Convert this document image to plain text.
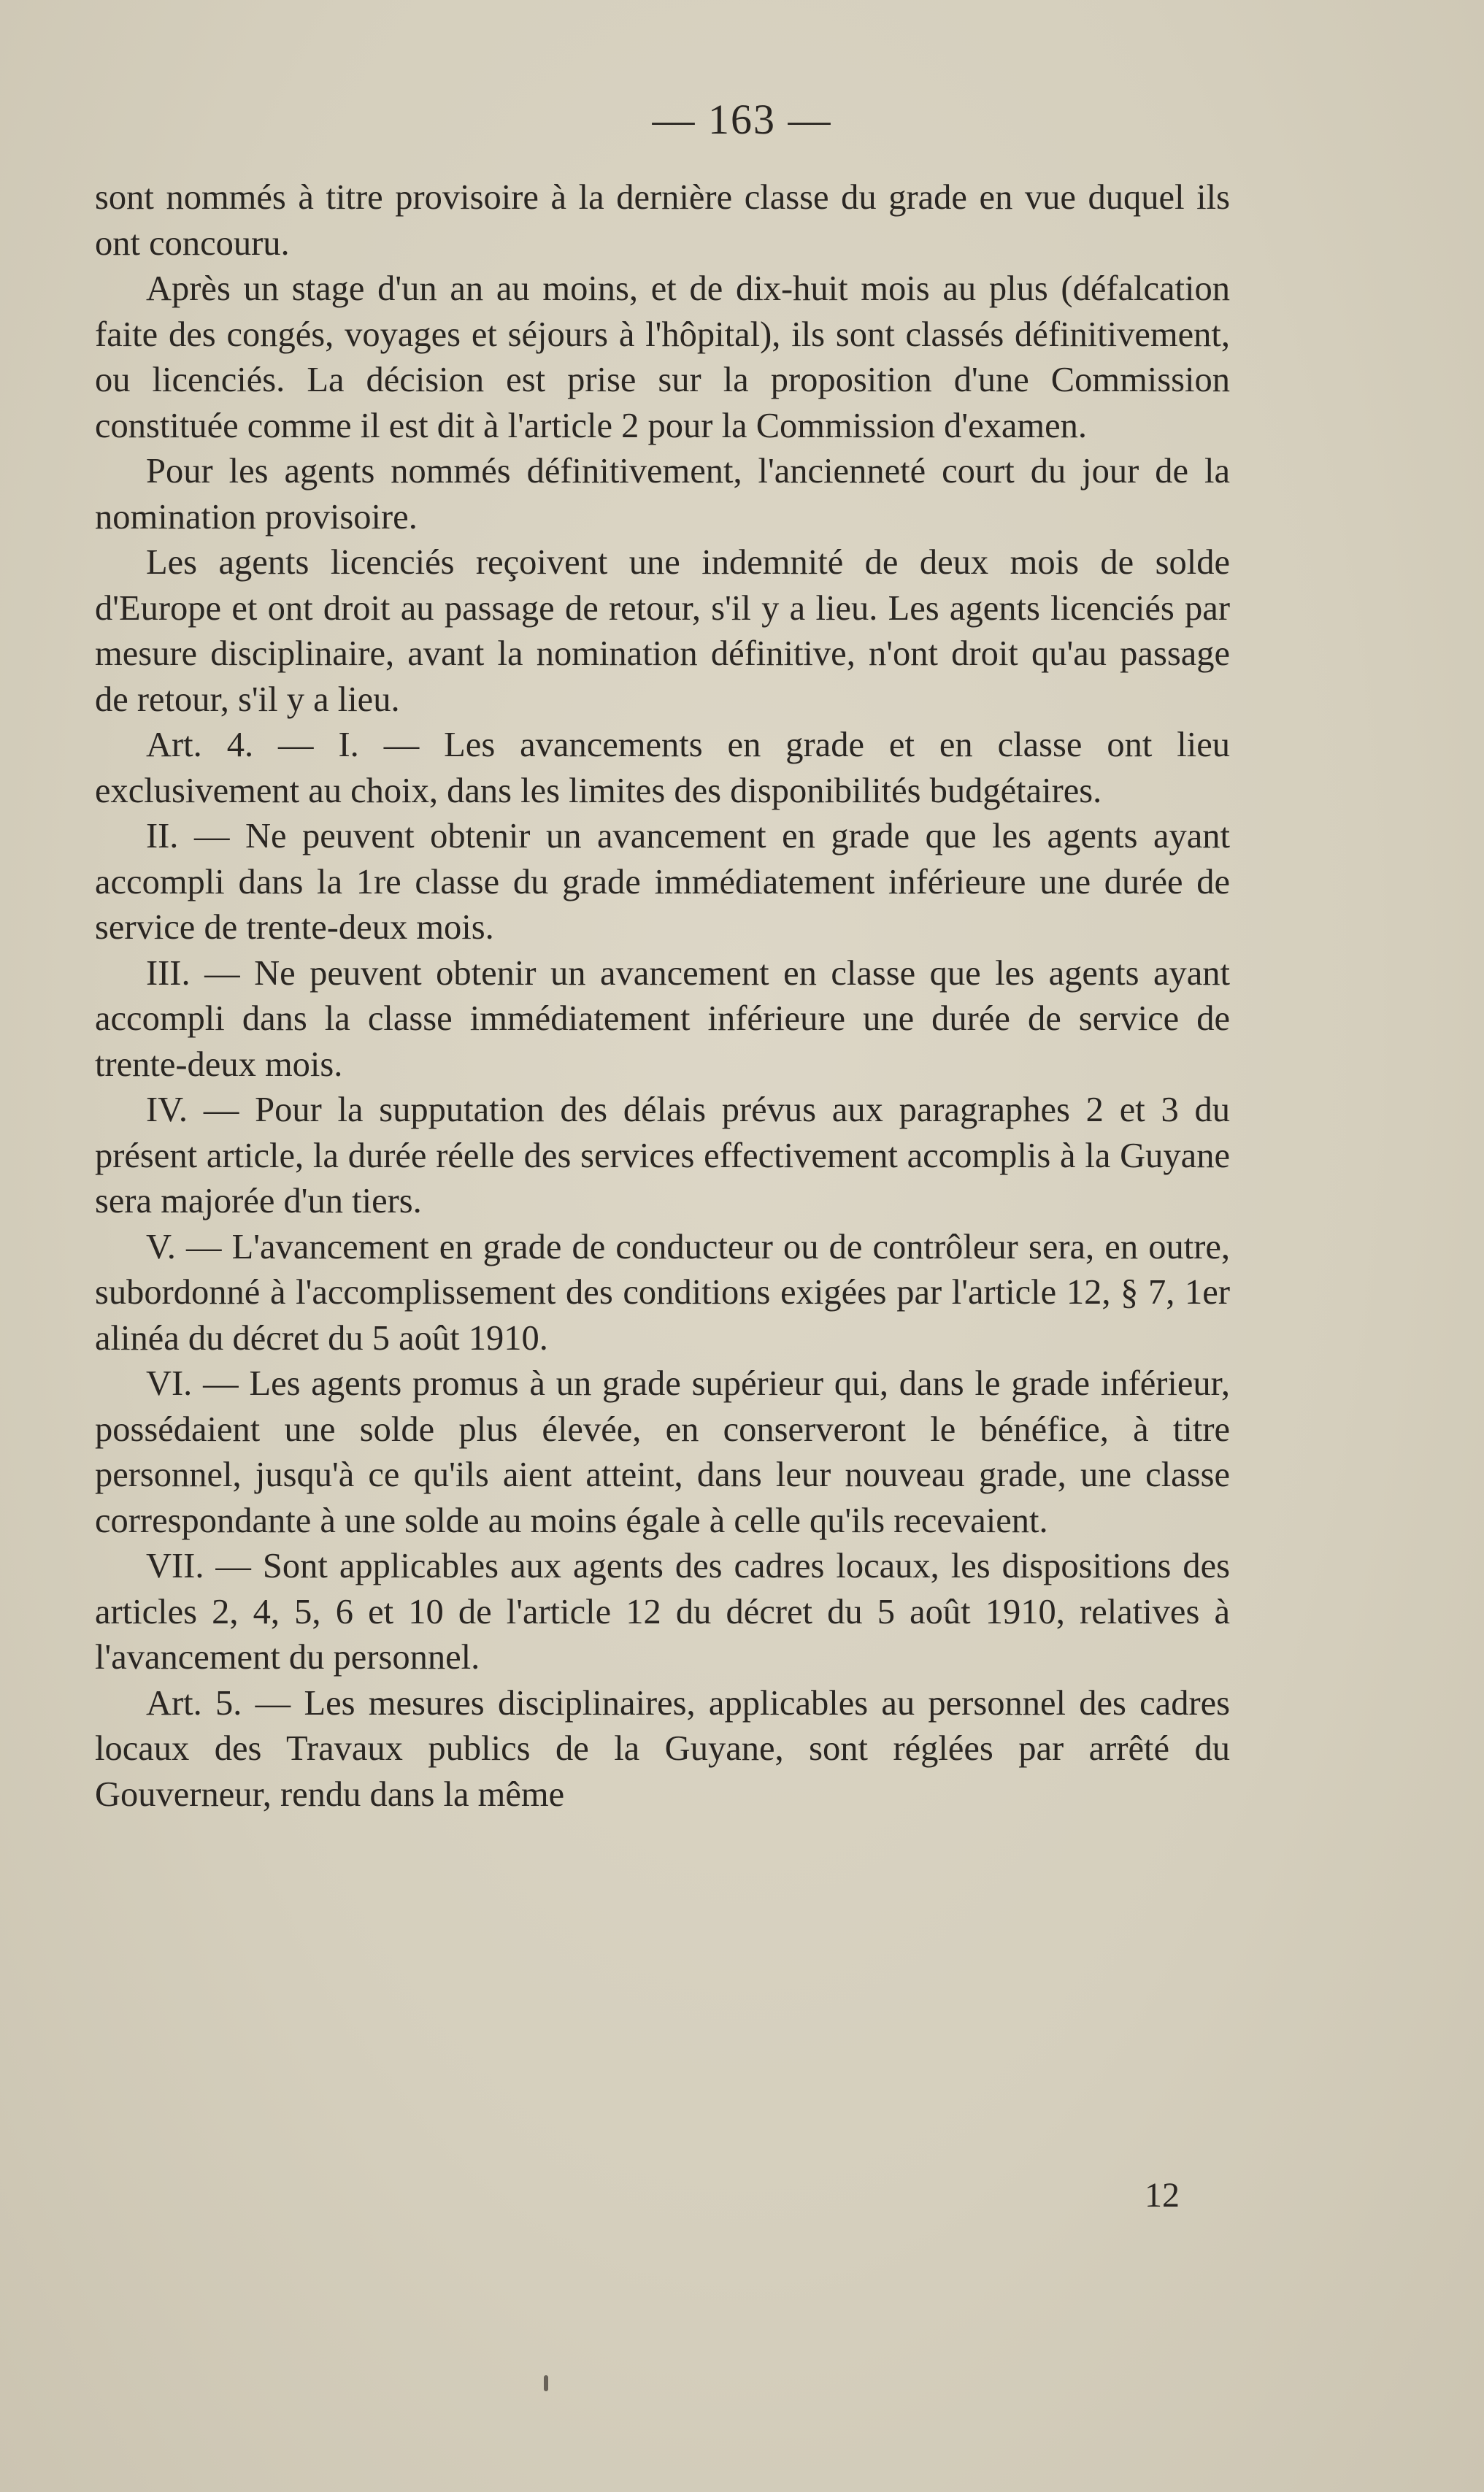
— 163 —

sont nommés à titre provisoire à la dernière classe du grade en vue duquel ils ont concouru.

Après un stage d'un an au moins, et de dix-huit mois au plus (défalcation faite des congés, voyages et séjours à l'hôpital), ils sont classés définitivement, ou licenciés. La décision est prise sur la proposition d'une Commission constituée comme il est dit à l'article 2 pour la Commission d'examen.

Pour les agents nommés définitivement, l'ancienneté court du jour de la nomination provisoire.

Les agents licenciés reçoivent une indemnité de deux mois de solde d'Europe et ont droit au passage de retour, s'il y a lieu. Les agents licenciés par mesure disciplinaire, avant la nomination définitive, n'ont droit qu'au passage de retour, s'il y a lieu.

Art. 4. — I. — Les avancements en grade et en classe ont lieu exclusivement au choix, dans les limites des disponibilités budgétaires.

II. — Ne peuvent obtenir un avancement en grade que les agents ayant accompli dans la 1re classe du grade immédiatement inférieure une durée de service de trente-deux mois.

III. — Ne peuvent obtenir un avancement en classe que les agents ayant accompli dans la classe immédiatement inférieure une durée de service de trente-deux mois.

IV. — Pour la supputation des délais prévus aux paragraphes 2 et 3 du présent article, la durée réelle des services effectivement accomplis à la Guyane sera majorée d'un tiers.

V. — L'avancement en grade de conducteur ou de contrôleur sera, en outre, subordonné à l'accomplissement des conditions exigées par l'article 12, § 7, 1er alinéa du décret du 5 août 1910.

VI. — Les agents promus à un grade supérieur qui, dans le grade inférieur, possédaient une solde plus élevée, en conserveront le bénéfice, à titre personnel, jusqu'à ce qu'ils aient atteint, dans leur nouveau grade, une classe correspondante à une solde au moins égale à celle qu'ils recevaient.

VII. — Sont applicables aux agents des cadres locaux, les dispositions des articles 2, 4, 5, 6 et 10 de l'article 12 du décret du 5 août 1910, relatives à l'avancement du personnel.

Art. 5. — Les mesures disciplinaires, applicables au personnel des cadres locaux des Travaux publics de la Guyane, sont réglées par arrêté du Gouverneur, rendu dans la même

12
